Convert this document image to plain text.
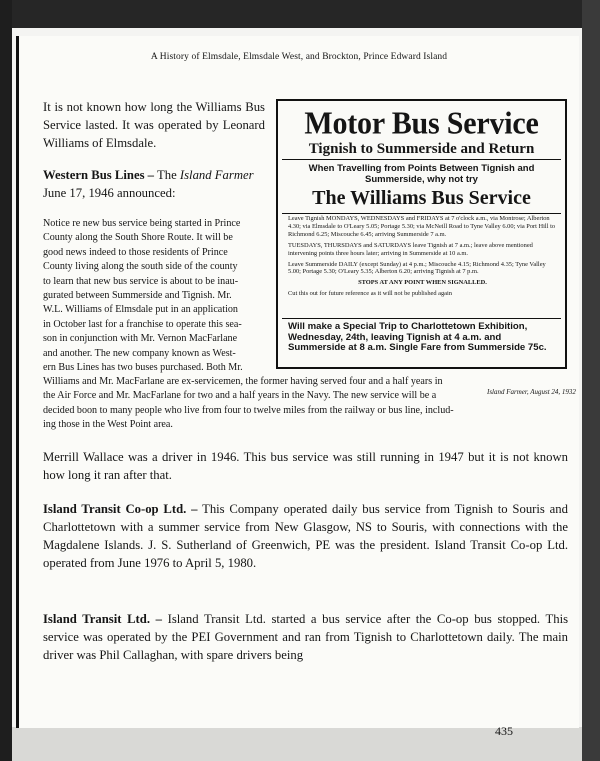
A History of Elmsdale, Elmsdale West, and Brockton, Prince Edward Island

It is not known how long the Williams Bus Service lasted. It was operated by Leonard Williams of Elmsdale.

Western Bus Lines – The Island Farmer
June 17, 1946 announced:

Notice re new bus service being started in Prince
County along the South Shore Route. It will be
good news indeed to those residents of Prince
County living along the south side of the county
to learn that new bus service is about to be inau-
gurated between Summerside and Tignish. Mr.
W.L. Williams of Elmsdale put in an application
in October last for a franchise to operate this sea-
son in conjunction with Mr. Vernon MacFarlane
and another. The new company known as West-
ern Bus Lines has two buses purchased. Both Mr.
Williams and Mr. MacFarlane are ex-servicemen, the former having served four and a half years in
the Air Force and Mr. MacFarlane for two and a half years in the Navy. The new service will be a
decided boon to many people who live from four to twelve miles from the railway or bus line, includ-
ing those in the West Point area.
Motor Bus Service
Tignish to Summerside and Return
When Travelling from Points Between Tignish and Summerside, why not try
The Williams Bus Service
Leave Tignish MONDAYS, WEDNESDAYS and FRIDAYS at 7 o'clock a.m., via Montrose; Alberton 4.30; via Elmsdale to O'Leary 5.05; Portage 5.30; via McNeill Road to Tyne Valley 6.00; via Port Hill to Richmond 6.25; Miscouche 6.45; arriving Summerside 7 a.m.
TUESDAYS, THURSDAYS and SATURDAYS leave Tignish at 7 a.m.; leave above mentioned intervening points three hours later; arriving in Summerside at 10 a.m.
Leave Summerside DAILY (except Sunday) at 4 p.m.; Miscouche 4.15; Richmond 4.35; Tyne Valley 5.00; Portage 5.30; O'Leary 5.35; Alberton 6.20; arriving Tignish at 7 p.m.
STOPS AT ANY POINT WHEN SIGNALLED.
Cut this out for future reference as it will not be published again
Will make a Special Trip to Charlottetown Exhibition, Wednesday, 24th, leaving Tignish at 4 a.m. and Summerside at 8 a.m. Single Fare from Summerside 75c.
Island Farmer, August 24, 1932

Merrill Wallace was a driver in 1946. This bus service was still running in 1947 but it is not known how long it ran after that.

Island Transit Co-op Ltd. – This Company operated daily bus service from Tignish to Souris and Charlottetown with a summer service from New Glasgow, NS to Souris, with connections with the Magdalene Islands. J. S. Sutherland of Greenwich, PE was the president. Island Transit Co-op Ltd. operated from June 1976 to April 5, 1980.

Island Transit Ltd. – Island Transit Ltd. started a bus service after the Co-op bus stopped. This service was operated by the PEI Government and ran from Tignish to Charlottetown daily. The main driver was Phil Callaghan, with spare drivers being

435
